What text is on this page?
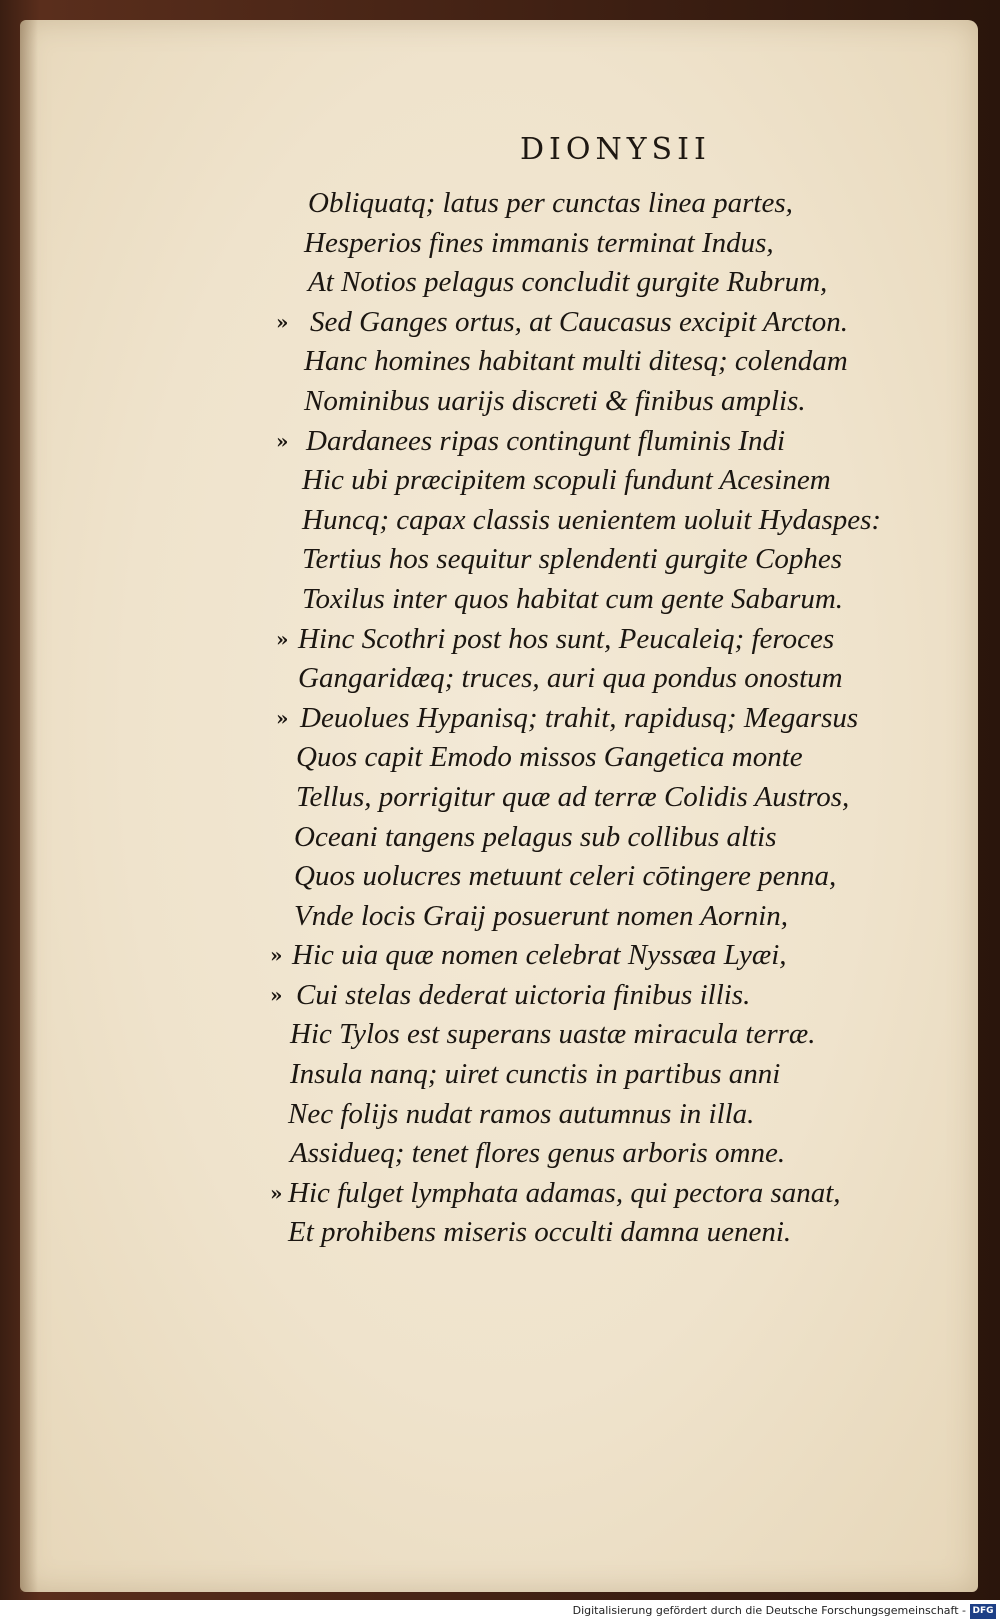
DIONYSII
Obliquatq; latus per cunctas linea partes,
Hesperios fines immanis terminat Indus,
At Notios pelagus concludit gurgite Rubrum,
» Sed Ganges ortus, at Caucasus excipit Arcton.
Hanc homines habitant multi ditesq; colendam
Nominibus uarijs discreti & finibus amplis.
» Dardanees ripas contingunt fluminis Indi
Hic ubi præcipitem scopuli fundunt Acesinem
Huncq; capax classis uenientem uoluit Hydaspes:
Tertius hos sequitur splendenti gurgite Cophes
Toxilus inter quos habitat cum gente Sabarum.
» Hinc Scothri post hos sunt, Peucaleiq; feroces
Gangaridæq; truces, auri qua pondus onostum
» Deuolues Hypanisq; trahit, rapidusq; Megarsus
Quos capit Emodo missos Gangetica monte
Tellus, porrigitur quæ ad terræ Colidis Austros,
Oceani tangens pelagus sub collibus altis
Quos uolucres metuunt celeri cōtingere penna,
Vnde locis Graij posuerunt nomen Aornin,
» Hic uia quæ nomen celebrat Nyssæa Lyæi,
» Cui stelas dederat uictoria finibus illis.
Hic Tylos est superans uastæ miracula terræ.
Insula nanq; uiret cunctis in partibus anni
Nec folijs nudat ramos autumnus in illa.
Assidueq; tenet flores genus arboris omne.
» Hic fulget lymphata adamas, qui pectora sanat,
Et prohibens miseris occulti damna ueneni.
Digitalisierung gefördert durch die Deutsche Forschungsgemeinschaft - DFG
